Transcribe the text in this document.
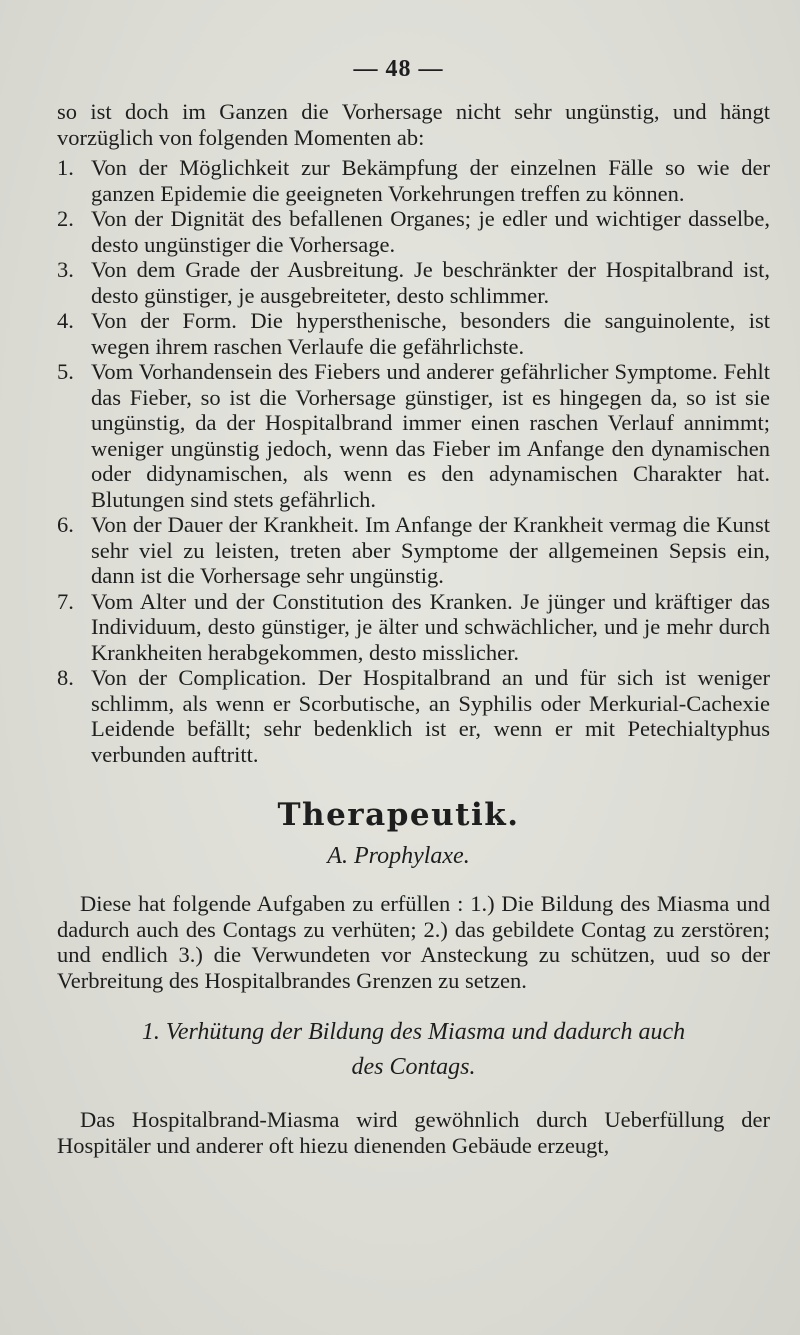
— 48 —

so ist doch im Ganzen die Vorhersage nicht sehr ungünstig, und hängt vorzüglich von folgenden Momenten ab:

1. Von der Möglichkeit zur Bekämpfung der einzelnen Fälle so wie der ganzen Epidemie die geeigneten Vorkehrungen treffen zu können.
2. Von der Dignität des befallenen Organes; je edler und wichtiger dasselbe, desto ungünstiger die Vorhersage.
3. Von dem Grade der Ausbreitung. Je beschränkter der Hospitalbrand ist, desto günstiger, je ausgebreiteter, desto schlimmer.
4. Von der Form. Die hypersthenische, besonders die sanguinolente, ist wegen ihrem raschen Verlaufe die gefährlichste.
5. Vom Vorhandensein des Fiebers und anderer gefährlicher Symptome. Fehlt das Fieber, so ist die Vorhersage günstiger, ist es hingegen da, so ist sie ungünstig, da der Hospitalbrand immer einen raschen Verlauf annimmt; weniger ungünstig jedoch, wenn das Fieber im Anfange den dynamischen oder didynamischen, als wenn es den adynamischen Charakter hat. Blutungen sind stets gefährlich.
6. Von der Dauer der Krankheit. Im Anfange der Krankheit vermag die Kunst sehr viel zu leisten, treten aber Symptome der allgemeinen Sepsis ein, dann ist die Vorhersage sehr ungünstig.
7. Vom Alter und der Constitution des Kranken. Je jünger und kräftiger das Individuum, desto günstiger, je älter und schwächlicher, und je mehr durch Krankheiten herabgekommen, desto misslicher.
8. Von der Complication. Der Hospitalbrand an und für sich ist weniger schlimm, als wenn er Scorbutische, an Syphilis oder Merkurial-Cachexie Leidende befällt; sehr bedenklich ist er, wenn er mit Petechialtyphus verbunden auftritt.
Therapeutik.
A. Prophylaxe.

Diese hat folgende Aufgaben zu erfüllen : 1.) Die Bildung des Miasma und dadurch auch des Contags zu verhüten; 2.) das gebildete Contag zu zerstören; und endlich 3.) die Verwundeten vor Ansteckung zu schützen, uud so der Verbreitung des Hospitalbrandes Grenzen zu setzen.

1. Verhütung der Bildung des Miasma und dadurch auch
des Contags.

Das Hospitalbrand-Miasma wird gewöhnlich durch Ueberfüllung der Hospitäler und anderer oft hiezu dienenden Gebäude erzeugt,
